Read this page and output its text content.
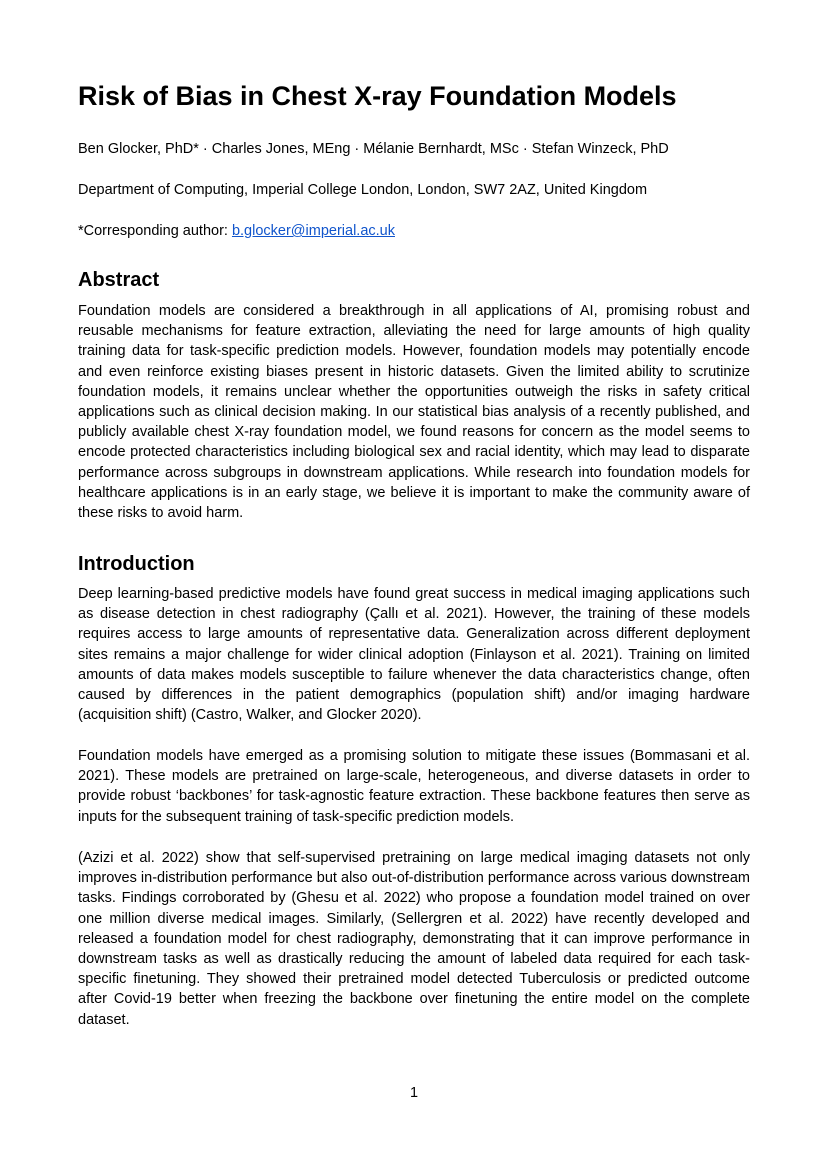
Risk of Bias in Chest X-ray Foundation Models

Ben Glocker, PhD* · Charles Jones, MEng · Mélanie Bernhardt, MSc · Stefan Winzeck, PhD

Department of Computing, Imperial College London, London, SW7 2AZ, United Kingdom

*Corresponding author: b.glocker@imperial.ac.uk

Abstract

Foundation models are considered a breakthrough in all applications of AI, promising robust and reusable mechanisms for feature extraction, alleviating the need for large amounts of high quality training data for task-specific prediction models. However, foundation models may potentially encode and even reinforce existing biases present in historic datasets. Given the limited ability to scrutinize foundation models, it remains unclear whether the opportunities outweigh the risks in safety critical applications such as clinical decision making. In our statistical bias analysis of a recently published, and publicly available chest X-ray foundation model, we found reasons for concern as the model seems to encode protected characteristics including biological sex and racial identity, which may lead to disparate performance across subgroups in downstream applications. While research into foundation models for healthcare applications is in an early stage, we believe it is important to make the community aware of these risks to avoid harm.

Introduction

Deep learning-based predictive models have found great success in medical imaging applications such as disease detection in chest radiography (Çallı et al. 2021). However, the training of these models requires access to large amounts of representative data. Generalization across different deployment sites remains a major challenge for wider clinical adoption (Finlayson et al. 2021). Training on limited amounts of data makes models susceptible to failure whenever the data characteristics change, often caused by differences in the patient demographics (population shift) and/or imaging hardware (acquisition shift) (Castro, Walker, and Glocker 2020).

Foundation models have emerged as a promising solution to mitigate these issues (Bommasani et al. 2021). These models are pretrained on large-scale, heterogeneous, and diverse datasets in order to provide robust ‘backbones’ for task-agnostic feature extraction. These backbone features then serve as inputs for the subsequent training of task-specific prediction models.

(Azizi et al. 2022) show that self-supervised pretraining on large medical imaging datasets not only improves in-distribution performance but also out-of-distribution performance across various downstream tasks. Findings corroborated by (Ghesu et al. 2022) who propose a foundation model trained on over one million diverse medical images. Similarly, (Sellergren et al. 2022) have recently developed and released a foundation model for chest radiography, demonstrating that it can improve performance in downstream tasks as well as drastically reducing the amount of labeled data required for each task-specific finetuning. They showed their pretrained model detected Tuberculosis or predicted outcome after Covid-19 better when freezing the backbone over finetuning the entire model on the complete dataset.

1
